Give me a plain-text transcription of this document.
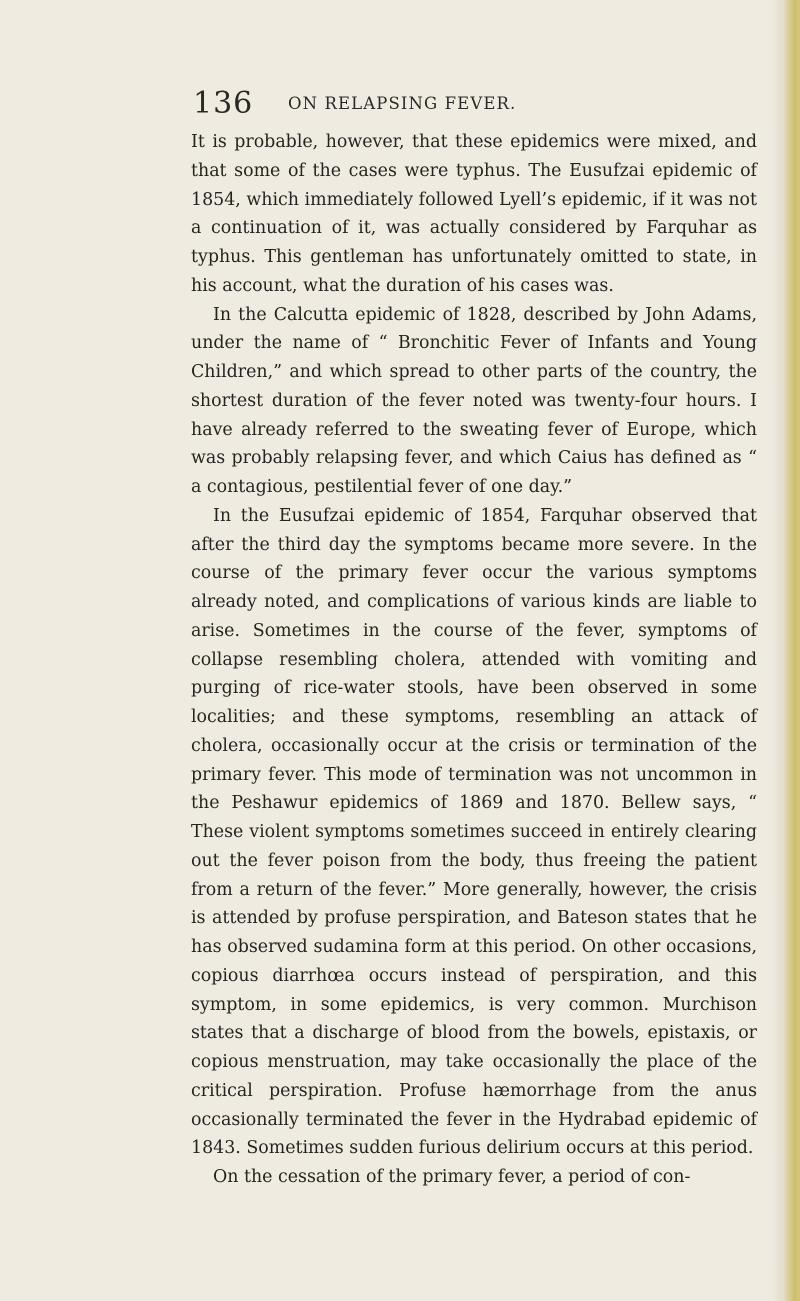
136 ON RELAPSING FEVER.

It is probable, however, that these epidemics were mixed, and that some of the cases were typhus. The Eusufzai epidemic of 1854, which immediately followed Lyell’s epidemic, if it was not a continuation of it, was actually considered by Farquhar as typhus. This gentleman has unfortunately omitted to state, in his account, what the duration of his cases was.

In the Calcutta epidemic of 1828, described by John Adams, under the name of “ Bronchitic Fever of Infants and Young Children,” and which spread to other parts of the country, the shortest duration of the fever noted was twenty-four hours. I have already referred to the sweating fever of Europe, which was probably relapsing fever, and which Caius has defined as “ a contagious, pestilential fever of one day.”

In the Eusufzai epidemic of 1854, Farquhar observed that after the third day the symptoms became more severe. In the course of the primary fever occur the various symptoms already noted, and complications of various kinds are liable to arise. Sometimes in the course of the fever, symptoms of collapse resembling cholera, attended with vomiting and purging of rice-water stools, have been observed in some localities; and these symptoms, resembling an attack of cholera, occasionally occur at the crisis or termination of the primary fever. This mode of termination was not uncommon in the Peshawur epidemics of 1869 and 1870. Bellew says, “ These violent symptoms sometimes succeed in entirely clearing out the fever poison from the body, thus freeing the patient from a return of the fever.” More generally, however, the crisis is attended by profuse perspiration, and Bateson states that he has observed sudamina form at this period. On other occasions, copious diarrhœa occurs instead of perspiration, and this symptom, in some epidemics, is very common. Murchison states that a discharge of blood from the bowels, epistaxis, or copious menstruation, may take occasionally the place of the critical perspiration. Profuse hæmorrhage from the anus occasionally terminated the fever in the Hydrabad epidemic of 1843. Sometimes sudden furious delirium occurs at this period.

On the cessation of the primary fever, a period of con-
